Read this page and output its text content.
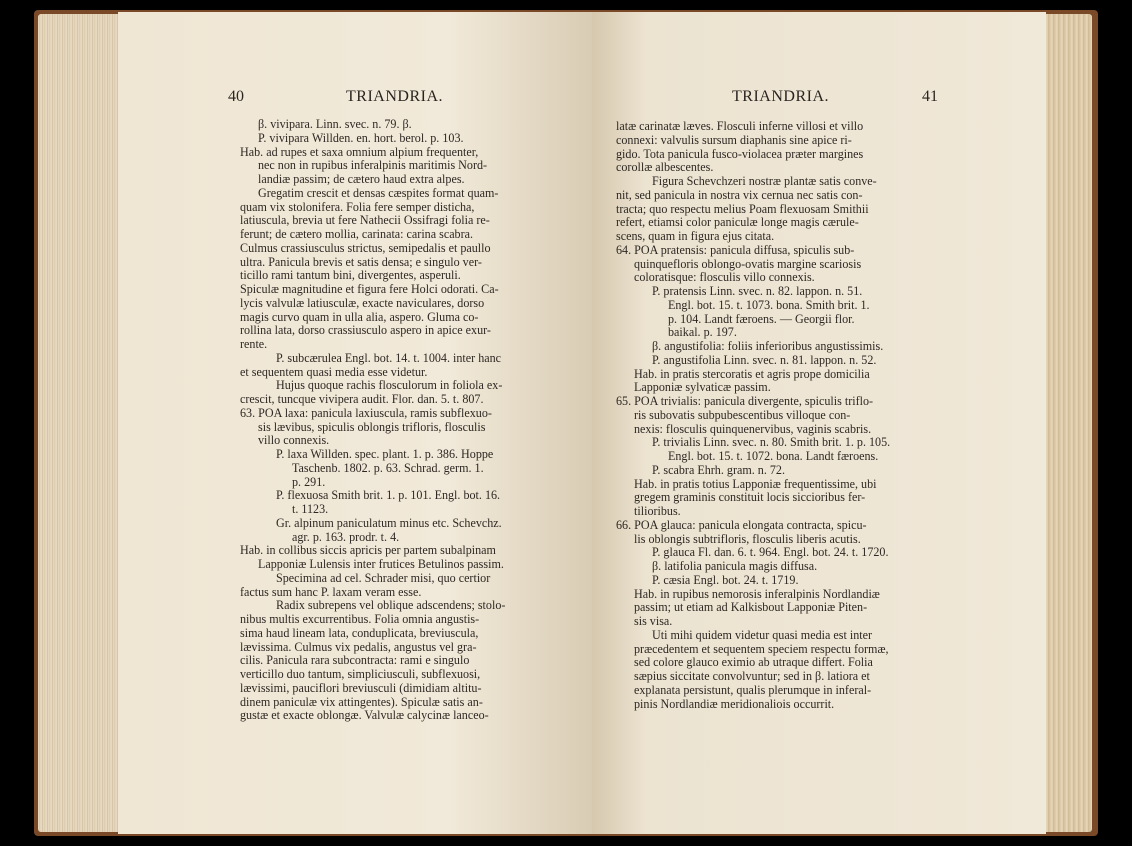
40	TRIANDRIA.

β. vivipara. Linn. svec. n. 79. β.

P. vivipara Willden. en. hort. berol. p. 103.

Hab. ad rupes et saxa omnium alpium frequenter,

nec non in rupibus inferalpinis maritimis Nord-

landiæ passim; de cætero haud extra alpes.

Gregatim crescit et densas cæspites format quam-

quam vix stolonifera. Folia fere semper disticha,

latiuscula, brevia ut fere Nathecii Ossifragi folia re-

ferunt; de cætero mollia, carinata: carina scabra.

Culmus crassiusculus strictus, semipedalis et paullo

ultra. Panicula brevis et satis densa; e singulo ver-

ticillo rami tantum bini, divergentes, asperuli.

Spiculæ magnitudine et figura fere Holci odorati. Ca-

lycis valvulæ latiusculæ, exacte naviculares, dorso

magis curvo quam in ulla alia, aspero. Gluma co-

rollina lata, dorso crassiusculo aspero in apice exur-

rente.

P. subcærulea Engl. bot. 14. t. 1004. inter hanc

et sequentem quasi media esse videtur.

Hujus quoque rachis flosculorum in foliola ex-

crescit, tuncque vivipera audit. Flor. dan. 5. t. 807.

63. POA laxa: panicula laxiuscula, ramis subflexuo-

sis lævibus, spiculis oblongis trifloris, flosculis

villo connexis.

P. laxa Willden. spec. plant. 1. p. 386. Hoppe

Taschenb. 1802. p. 63. Schrad. germ. 1.

p. 291.

P. flexuosa Smith brit. 1. p. 101. Engl. bot. 16.

t. 1123.

Gr. alpinum paniculatum minus etc. Schevchz.

agr. p. 163. prodr. t. 4.

Hab. in collibus siccis apricis per partem subalpinam

Lapponiæ Lulensis inter frutices Betulinos passim.

Specimina ad cel. Schrader misi, quo certior

factus sum hanc P. laxam veram esse.

Radix subrepens vel oblique adscendens; stolo-

nibus multis excurrentibus. Folia omnia angustis-

sima haud lineam lata, conduplicata, breviuscula,

lævissima. Culmus vix pedalis, angustus vel gra-

cilis. Panicula rara subcontracta: rami e singulo

verticillo duo tantum, simpliciusculi, subflexuosi,

lævissimi, pauciflori breviusculi (dimidiam altitu-

dinem paniculæ vix attingentes). Spiculæ satis an-

gustæ et exacte oblongæ. Valvulæ calycinæ lanceo-

TRIANDRIA.	41

latæ carinatæ læves. Flosculi inferne villosi et villo

connexi: valvulis sursum diaphanis sine apice ri-

gido. Tota panicula fusco-violacea præter margines

corollæ albescentes.

Figura Schevchzeri nostræ plantæ satis conve-

nit, sed panicula in nostra vix cernua nec satis con-

tracta; quo respectu melius Poam flexuosam Smithii

refert, etiamsi color paniculæ longe magis cærule-

scens, quam in figura ejus citata.

64. POA pratensis: panicula diffusa, spiculis sub-

quinquefloris oblongo-ovatis margine scariosis

coloratisque: flosculis villo connexis.

P. pratensis Linn. svec. n. 82. lappon. n. 51.

Engl. bot. 15. t. 1073. bona. Smith brit. 1.

p. 104. Landt færoens. — Georgii flor.

baikal. p. 197.

β. angustifolia: foliis inferioribus angustissimis.

P. angustifolia Linn. svec. n. 81. lappon. n. 52.

Hab. in pratis stercoratis et agris prope domicilia

Lapponiæ sylvaticæ passim.

65. POA trivialis: panicula divergente, spiculis triflo-

ris subovatis subpubescentibus villoque con-

nexis: flosculis quinquenervibus, vaginis scabris.

P. trivialis Linn. svec. n. 80. Smith brit. 1. p. 105.

Engl. bot. 15. t. 1072. bona. Landt færoens.

P. scabra Ehrh. gram. n. 72.

Hab. in pratis totius Lapponiæ frequentissime, ubi

gregem graminis constituit locis siccioribus fer-

tilioribus.

66. POA glauca: panicula elongata contracta, spicu-

lis oblongis subtrifloris, flosculis liberis acutis.

P. glauca Fl. dan. 6. t. 964. Engl. bot. 24. t. 1720.

β. latifolia panicula magis diffusa.

P. cæsia Engl. bot. 24. t. 1719.

Hab. in rupibus nemorosis inferalpinis Nordlandiæ

passim; ut etiam ad Kalkisbout Lapponiæ Piten-

sis visa.

Uti mihi quidem videtur quasi media est inter

præcedentem et sequentem speciem respectu formæ,

sed colore glauco eximio ab utraque differt. Folia

sæpius siccitate convolvuntur; sed in β. latiora et

explanata persistunt, qualis plerumque in inferal-

pinis Nordlandiæ meridionaliois occurrit.
